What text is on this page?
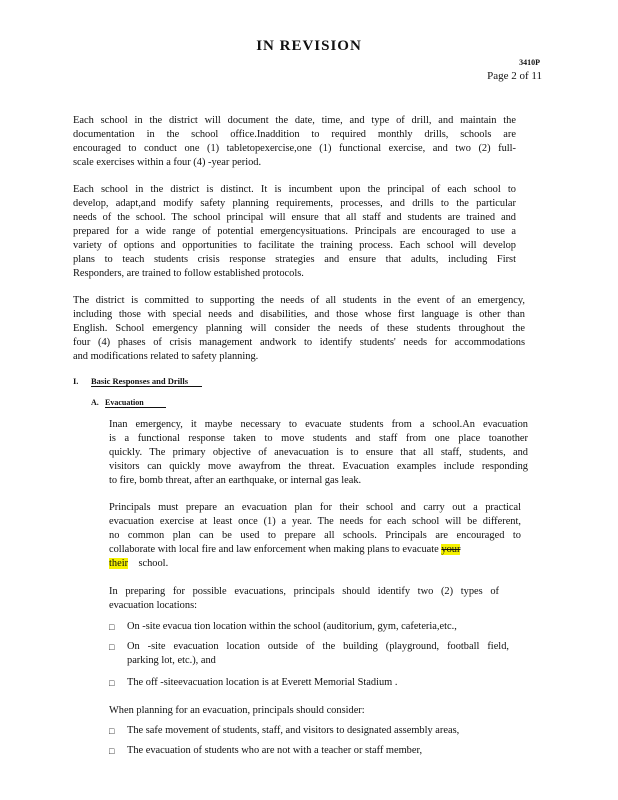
IN REVISION
3410P
Page 2 of 11
Each school in the district will document the date, time, and type of drill, and maintain the
documentation in the school office.Inaddition to required monthly drills, schools are
encouraged to conduct one (1) tabletopexercise,one (1) functional exercise, and two (2) full-
scale exercises within a four (4) -year period.
Each school in the district is distinct. It is incumbent upon the principal of each school to
develop, adapt,and modify safety planning requirements, processes, and drills to the particular
needs of the school. The school principal will ensure that all staff and students are trained and
prepared for a wide range of potential emergencysituations. Principals are encouraged to use a
variety of options and opportunities to facilitate the training process. Each school will develop
plans to teach students crisis response strategies and ensure that adults, including First
Responders, are trained to follow established protocols.
The district is committed to supporting the needs of all students in the event of an emergency,
including those with special needs and disabilities, and those whose first language is other than
English. School emergency planning will consider the needs of these students throughout the
four (4) phases of crisis management andwork to identify students' needs for accommodations
and modifications related to safety planning.
I. Basic Responses and Drills
A. Evacuation
Inan emergency, it maybe necessary to evacuate students from a school.An evacuation
is a functional response taken to move students and staff from one place toanother
quickly. The primary objective of anevacuation is to ensure that all staff, students, and
visitors can quickly move awayfrom the threat. Evacuation examples include responding
to fire, bomb threat, after an earthquake, or internal gas leak.
Principals must prepare an evacuation plan for their school and carry out a practical
evacuation exercise at least once (1) a year. The needs for each school will be different,
no common plan can be used to prepare all schools. Principals are encouraged to
collaborate with local fire and law enforcement when making plans to evacuate your
their school.
In preparing for possible evacuations, principals should identify two (2) types of
evacuation locations:
□	On -site evacua tion location within the school (auditorium, gym, cafeteria,etc.,
□	On -site evacuation location outside of the building (playground, football field,
parking lot, etc.), and
□	The off -siteevacuation location is at Everett Memorial Stadium .
When planning for an evacuation, principals should consider:
□	The safe movement of students, staff, and visitors to designated assembly areas,
□	The evacuation of students who are not with a teacher or staff member,
